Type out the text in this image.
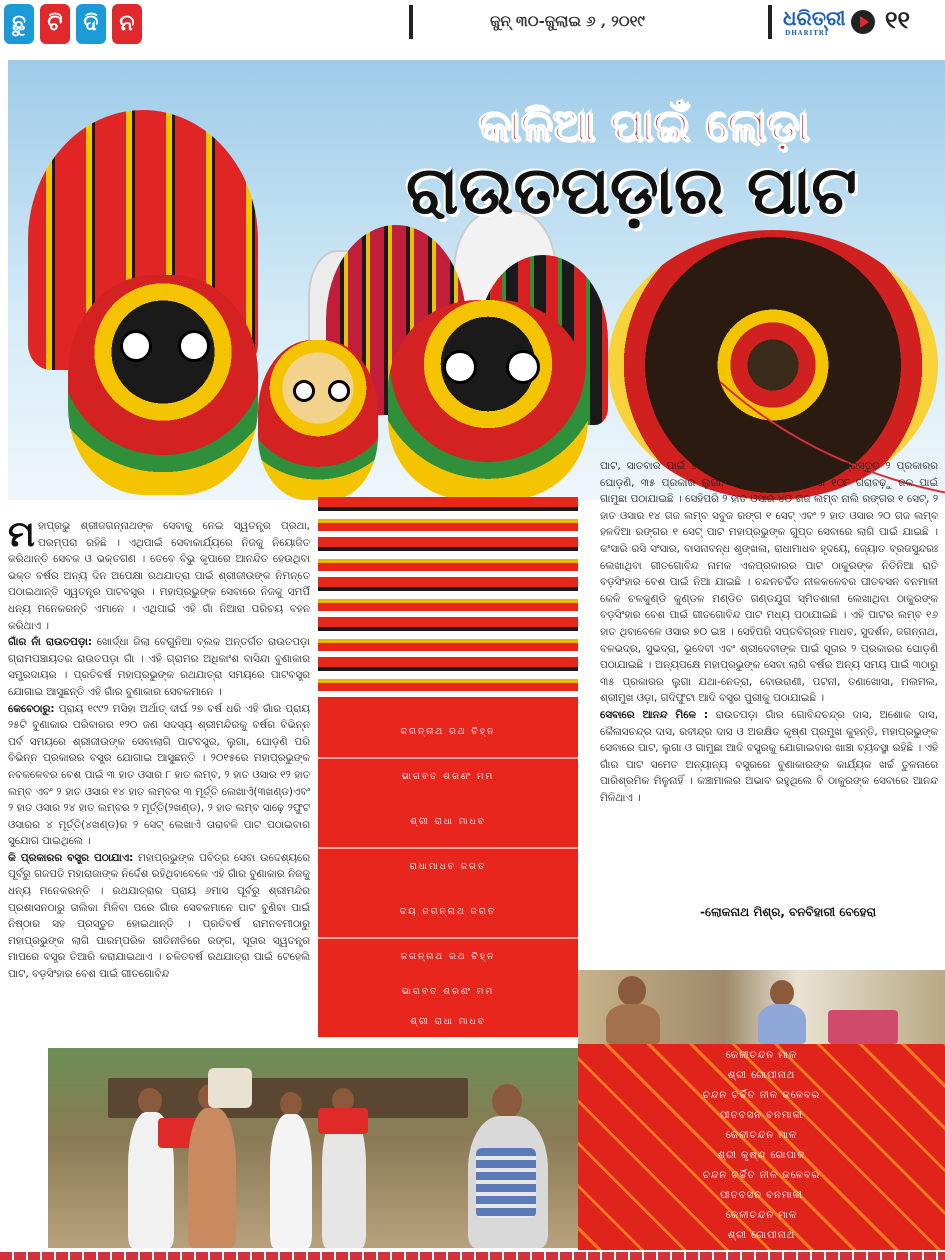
ଛୁ ଟି ଦି ନ	ଜୁନ୍ ୩୦-ଜୁଲାଇ ୬ , ୨୦୧୯	ଧରିତ୍ରୀ
DHARITRI ୧୧
କାଳିଆ ପାଇଁ ଲୋଡ଼ା
ରାଉତପଡ଼ାର ପାଟ

ମ ହାପ୍ରଭୁ ଶ୍ରୀଜଗନ୍ନାଥଙ୍କ ସେବାକୁ ନେଇ ସ୍ୱତନ୍ତ୍ର ପ୍ରଥା, ପରମ୍ପରା ରହିଛି । ଏଥିପାଇଁ ସେବାକାର୍ଯ୍ୟରେ ନିଜକୁ ନିୟୋଜିତ କରିଥାନ୍ତି ସେବକ ଓ ଭକ୍ତଗଣ । ତେବେ ବିଭୁ କୃପାରେ ଆନନ୍ଦିତ ହେଉଥିବା ଭକ୍ତ ବର୍ଷର ଅନ୍ୟ ଦିନ ଅପେକ୍ଷା ରଥଯାତ୍ରା ପାଇଁ ଶ୍ରୀଜୀଉଙ୍କ ନିମନ୍ତେ ପଠାଇଥାନ୍ତି ସ୍ୱତନ୍ତ୍ର ପାଟବସ୍ତ୍ର । ମହାପ୍ରଭୁଙ୍କ ସେବାରେ ନିଜକୁ ସମର୍ପି ଧନ୍ୟ ମନେକରନ୍ତି ଏମାନେ । ଏଥିପାଇଁ ଏହି ଗାଁ ନିଆରା ପରିଚୟ ବହନ କରିଥାଏ ।

ଗାଁର ନାଁ ରାଉତପଡ଼ା: ଖୋର୍ଦ୍ଧା ଜିଲା ବେଗୁନିଆ ବ୍ଲକ ଅନ୍ତର୍ଗତ ରାଉତପଡ଼ା ଗ୍ରାମପଞ୍ଚାୟତର ରାଉତପଡ଼ା ଗାଁ । ଏହି ଗ୍ରାମର ଅଧିକାଂଶ ବାସିନ୍ଦା ବୁଣାକାର ସମ୍ପ୍ରଦାୟର । ପ୍ରତିବର୍ଷ ମହାପ୍ରଭୁଙ୍କ ରଥଯାତ୍ରା ସମୟରେ ପାଟବସ୍ତ୍ର ଯୋଗାଇ ଆସୁଛନ୍ତି ଏହି ଗାଁର ବୁଣାକାର ସେବକମାନେ ।

କେବେଠାରୁ: ପ୍ରାୟ ୧୯୯୨ ମସିହା ଅର୍ଥାତ୍ ଦୀର୍ଘ ୨୭ ବର୍ଷ ଧରି ଏହି ଗାଁର ପ୍ରାୟ ୨୫ଟି ବୁଣାକାର ପରିବାରର ୧୨୦ ଜଣ ସଦସ୍ୟ ଶ୍ରୀମନ୍ଦିରକୁ ବର୍ଷର ବିଭିନ୍ନ ପର୍ବ ସମୟରେ ଶ୍ରୀଜୀଉଙ୍କ ସେବାଲାଗି ପାଟବସ୍ତ୍ର, ଲୁଗା, ଘୋଡ଼ଣି ପରି ବିଭିନ୍ନ ପ୍ରକାରର ବସ୍ତ୍ର ଯୋଗାଇ ଆସୁଛନ୍ତି । ୨୦୧୫ରେ ମହାପ୍ରଭୁଙ୍କ ନବକଳେବର ବେଶ ପାଇଁ ୩ ହାତ ଓସାର ୮ ହାତ ଲମ୍ବ, ୨ ହାତ ଓସାର ୧୨ ହାତ ଲମ୍ବ ଏବଂ ୨ ହାତ ଓସାର ୧୪ ହାତ ଲମ୍ବର ୩ ମୂର୍ତ୍ତି ଲେଖାଏଁ(୩ଖଣ୍ଡ)ଏବଂ ୨ ହାତ ଓସାର ୨୪ ହାତ ଲମ୍ବର ୨ ମୂର୍ତ୍ତି(୨ଖଣ୍ଡ), ୨ ହାତ ଲମ୍ବ ସାଢ଼େ ୨ଫୁଟ ଓସାରର ୪ ମୂର୍ତ୍ତି(୪ଖଣ୍ଡ)ର ୨ ସେଟ୍ ଲେଖାଏଁ ତାରାବଳି ପାଟ ପଠାଇବାର ସୁଯୋଗ ପାଇଥିଲେ ।

କି ପ୍ରକାରର ବସ୍ତ୍ର ପଠାଯାଏ: ମହାପ୍ରଭୁଙ୍କ ପବିତ୍ର ସେବା ଉଦ୍ଦେଶ୍ୟରେ ପୂର୍ବରୁ ଗଜପତି ମହାରାଜାଙ୍କ ନିର୍ଦ୍ଦେଶ ରହିଥିବାବେଳେ ଏହି ଗାଁର ବୁଣାକାର ନିଜକୁ ଧନ୍ୟ ମନେକରନ୍ତି । ରଥଯାତ୍ରାର ପ୍ରାୟ ୬ମାସ ପୂର୍ବରୁ ଶ୍ରୀମନ୍ଦିର ପ୍ରଶାସନଠାରୁ ତାଲିକା ମିଳିବା ପରେ ଗାଁର ସେବକମାନେ ପାଟ ବୁଣିବା ପାଇଁ ନିଷ୍ଠାର ସହ ପ୍ରସ୍ତୁତ ହୋଇଥାନ୍ତି । ପ୍ରତିବର୍ଷ ରାମନବମୀଠାରୁ ମହାପ୍ରଭୁଙ୍କ ଲାଗି ପାରମ୍ପରିକ ରୀତିନୀତିରେ ରଙ୍ଗ, ସୂତାର ସ୍ୱତନ୍ତ୍ର ମାପରେ ବସ୍ତ୍ର ତିଆରି କରାଯାଇଥାଏ । ଚଳିତବର୍ଷ ରଥଯାତ୍ରା ପାଇଁ ଟେହେଲି ପାଟ, ବଡ଼ସିଂହାର ବେଶ ପାଇଁ ଗୀତଗୋବିନ୍ଦ

ଜଗନ୍ନାଥ ରଥ ଚିହ୍ନ
ଭାଗବତ ଶରଣଂ ମମ
ଶ୍ରୀ ରାଧା ମାଧବ
ରାଧାମାଧବ ଜଗତ
ଜୟ ଜଗନ୍ନାଥ ଜଗତ
ଜଗନ୍ନାଥ ରଥ ଚିହ୍ନ
ଭାଗବତ ଶରଣଂ ମମ
ଶ୍ରୀ ରାଧା ମାଧବ

ପାଟ, ସାତବାର ପାଇଁ ୭ ରଙ୍ଗର ଖଣ୍ଡୁଆ ପାଟ, ସୂତାରେ ପ୍ରସ୍ତୁତ ୨ ପ୍ରକାରର ଘୋଡ଼ଣି, ୩୫ ପ୍ରକାର ଲୁଗା, ଦେବସ୍ନାନ ପୂର୍ଣ୍ଣମୀରେ ୧୦୮ ଗରାବଢ଼ୁ ଜଳ ପାଇଁ ଗାମୁଛା ପଠାଯାଇଛି । ସେହିପରି ୨ ହାତ ଓସାର ୪୦ ଗଜ ଲମ୍ବ ନାଲି ରଙ୍ଗର ୧ ସେଟ୍, ୨ ହାତ ଓସାର ୧୪ ଗଜ ଲମ୍ବ ସବୁଜ ରଙ୍ଗ ୧ ସେଟ୍ ଏବଂ ୨ ହାତ ଓସାର ୨୦ ଗଜ ଲମ୍ବ ହଳଦିଆ ରଙ୍ଗର ୧ ସେଟ୍ ପାଟ ମହାପ୍ରଭୁଙ୍କ ଗୁପ୍ତ ସେବାରେ ଲାଗି ପାଇଁ ଯାଇଛି । କଂସାରି ରସି ସଂସାର, ବାସନାବନ୍ଧ ଶୃଙ୍ଖଳା, ରାଧାମାଧବ ହୃଦୟେ, ଜ୍ୟୋତ ବ୍ରଜସୁନ୍ଦରଃ ଲେଖାଥିବା ଗୀତଗୋବିନ୍ଦ ନାମକ ଏକପ୍ରକାରର ପାଟ ଠାକୁରଙ୍କ ନିତିନିଆ ରାତି ବଡ଼ସିଂହାର ବେଶ ପାଇଁ ନିଆ ଯାଇଛି । ଚନ୍ଦନଚର୍ଚ୍ଚିତ ନୀଳକଳେବର ପୀତବସନ ବନମାଳୀ କେଳି ଚଳକୁଣ୍ଡି କୁଣ୍ଡଳ ମଣ୍ଡିତ ଗଣ୍ଡଯୁଗ ସ୍ମିତଶାଳୀ ଲେଖାଥିବା ଠାକୁରଙ୍କ ବଡ଼ସିଂହାର ବେଶ ପାଇଁ ଗୀତଗୋବିନ୍ଦ ପାଟ ମଧ୍ୟ ପଠାଯାଇଛି । ଏହି ପାଟର ଲମ୍ବ ୧୬ ହାତ ଥିବାବେଳେ ଓସାର ୭୦ ଇଞ୍ଚ । ସେହିପରି ସପ୍ତବିଗ୍ରହ ମାଧବ, ସୁଦର୍ଶନ, ଜଗନ୍ନାଥ, ବଳଭଦ୍ର, ସୁଭଦ୍ରା, ଭୂଦେବୀ ଏବଂ ଶ୍ରୀଦେବୀଙ୍କ ପାଇଁ ସୂତାର ୨ ପ୍ରକାରର ଘୋଡ଼ଣି ପଠାଯାଇଛି । ଅନ୍ୟପକ୍ଷେ ମହାପ୍ରଭୁଙ୍କ ସେବା ଲାଗି ବର୍ଷର ଅନ୍ୟ ସମୟ ପାଇଁ ୩ଠାରୁ ୩୫ ପ୍ରକାରର ଲୁଗା ଯଥା-ନେତ୍ରା, ବୋଉରାଣୀ, ପଟନୀ, ତଣାଖୋସା, ମଲମଲ, ଶ୍ରୀମୁଖ ଓଡ଼ା, ଗଦିଫୁଟା ଆଦି ବସ୍ତ୍ର ପୁରୀକୁ ପଠାଯାଇଛି ।

ସେବାରେ ଆନନ୍ଦ ମିଳେ : ରାଉତପଡ଼ା ଗାଁର ଗୋବିନ୍ଦଚନ୍ଦ୍ର ଦାସ, ଅଶୋକ ଦାସ, କୈଳାସଚନ୍ଦ୍ର ଦାସ, ରବୀନ୍ଦ୍ର ଦାସ ଓ ଅରକ୍ଷିତ କୃଷ୍ଣ ପ୍ରମୁଖ କୁହନ୍ତି, ମହାପ୍ରଭୁଙ୍କ ସେବାରେ ପାଟ, ଲୁଗା ଓ ଗାମୁଛା ଆଦି ବସ୍ତ୍ରକୁ ଯୋଗାଇବାର ଖାଞ୍ଚା ବ୍ୟବସ୍ଥା ରହିଛି । ଏହି ଗାଁର ପାଟ ସମେତ ଅନ୍ୟାନ୍ୟ ବସ୍ତ୍ରରେ ବୁଣାକାରଙ୍କ କାର୍ଯ୍ୟକ ଖର୍ଚ୍ଚ ତୁଳନାରେ ପାରିଶ୍ରମିକ ମିଳୁନାହିଁ । କଞ୍ଚାମାଲର ଅଭାବ ରହୁଥିଲେ ବି ଠାକୁରଙ୍କ ସେବାରେ ଆନନ୍ଦ ମିଳିଥାଏ ।

-ଲୋକନାଥ ମିଶ୍ର, ବନବିହାରୀ ବେହେରା
କେଳୀଚନ୍ଦନ ମାଳ
ଶ୍ରୀ ଗୋପୀନାଥ
ଚନ୍ଦନ ଚର୍ଚ୍ଚିତ ନୀଳ କଳେବର
ପୀତବସନ ବନମାଳୀ
କେଳୀଚନ୍ଦନ ମାଳ
ଶ୍ରୀ କୃଷ୍ଣ ଗୋପାଳ
ଚନ୍ଦନ ଚର୍ଚ୍ଚିତ ନୀଳ କଳେବର
ପୀତବସନ ବନମାଳୀ
କେଳୀଚନ୍ଦନ ମାଳ
ଶ୍ରୀ ଗୋପୀନାଥ
